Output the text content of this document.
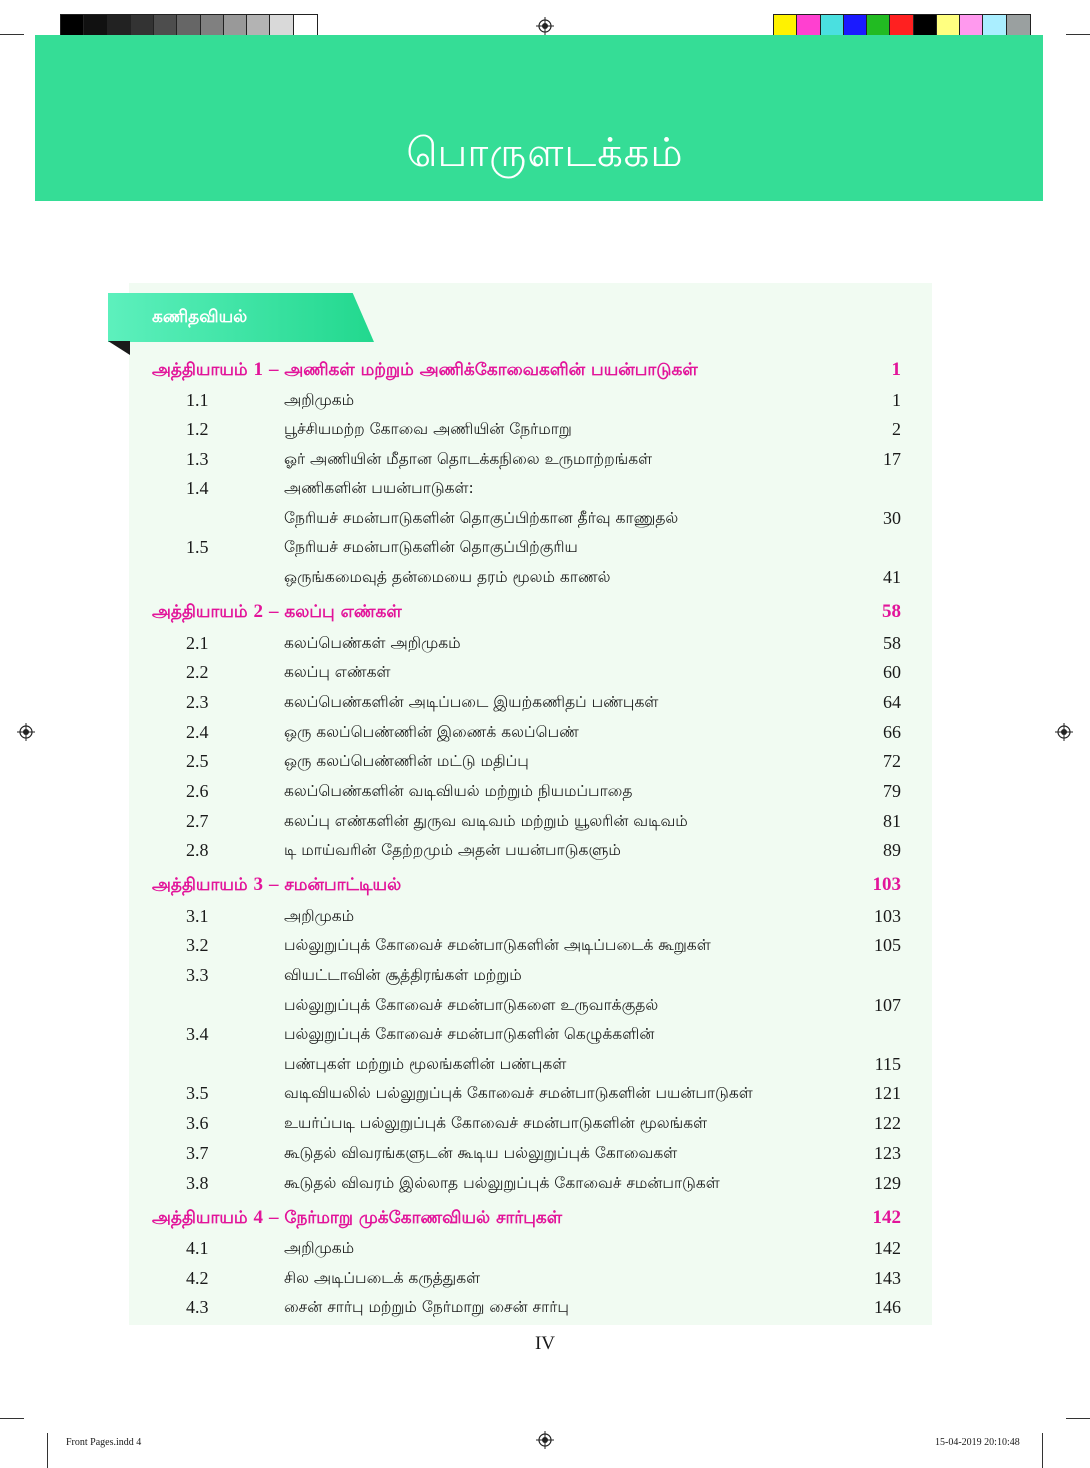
பொருளடக்கம்
கணிதவியல்
அத்தியாயம் 1 – அணிகள் மற்றும் அணிக்கோவைகளின் பயன்பாடுகள்	1
1.1	அறிமுகம்	1
1.2	பூச்சியமற்ற கோவை அணியின் நேர்மாறு	2
1.3	ஓர் அணியின் மீதான தொடக்கநிலை உருமாற்றங்கள்	17
1.4	அணிகளின் பயன்பாடுகள்:
நேரியச் சமன்பாடுகளின் தொகுப்பிற்கான தீர்வு காணுதல்	30
1.5	நேரியச் சமன்பாடுகளின் தொகுப்பிற்குரிய
ஒருங்கமைவுத் தன்மையை தரம் மூலம் காணல்	41
அத்தியாயம் 2 – கலப்பு எண்கள்	58
2.1	கலப்பெண்கள் அறிமுகம்	58
2.2	கலப்பு எண்கள்	60
2.3	கலப்பெண்களின் அடிப்படை இயற்கணிதப் பண்புகள்	64
2.4	ஒரு கலப்பெண்ணின் இணைக் கலப்பெண்	66
2.5	ஒரு கலப்பெண்ணின் மட்டு மதிப்பு	72
2.6	கலப்பெண்களின் வடிவியல் மற்றும் நியமப்பாதை	79
2.7	கலப்பு எண்களின் துருவ வடிவம் மற்றும் யூலரின் வடிவம்	81
2.8	டி மாய்வரின் தேற்றமும் அதன் பயன்பாடுகளும்	89
அத்தியாயம் 3 – சமன்பாட்டியல்	103
3.1	அறிமுகம்	103
3.2	பல்லுறுப்புக் கோவைச் சமன்பாடுகளின் அடிப்படைக் கூறுகள்	105
3.3	வியட்டாவின் சூத்திரங்கள் மற்றும்
பல்லுறுப்புக் கோவைச் சமன்பாடுகளை உருவாக்குதல்	107
3.4	பல்லுறுப்புக் கோவைச் சமன்பாடுகளின் கெழுக்களின்
பண்புகள் மற்றும் மூலங்களின் பண்புகள்	115
3.5	வடிவியலில் பல்லுறுப்புக் கோவைச் சமன்பாடுகளின் பயன்பாடுகள்	121
3.6	உயர்ப்படி பல்லுறுப்புக் கோவைச் சமன்பாடுகளின் மூலங்கள்	122
3.7	கூடுதல் விவரங்களுடன் கூடிய பல்லுறுப்புக் கோவைகள்	123
3.8	கூடுதல் விவரம் இல்லாத பல்லுறுப்புக் கோவைச் சமன்பாடுகள்	129
அத்தியாயம் 4 – நேர்மாறு முக்கோணவியல் சார்புகள்	142
4.1	அறிமுகம்	142
4.2	சில அடிப்படைக் கருத்துகள்	143
4.3	சைன் சார்பு மற்றும் நேர்மாறு சைன் சார்பு	146
IV
Front Pages.indd 4	15-04-2019 20:10:48
